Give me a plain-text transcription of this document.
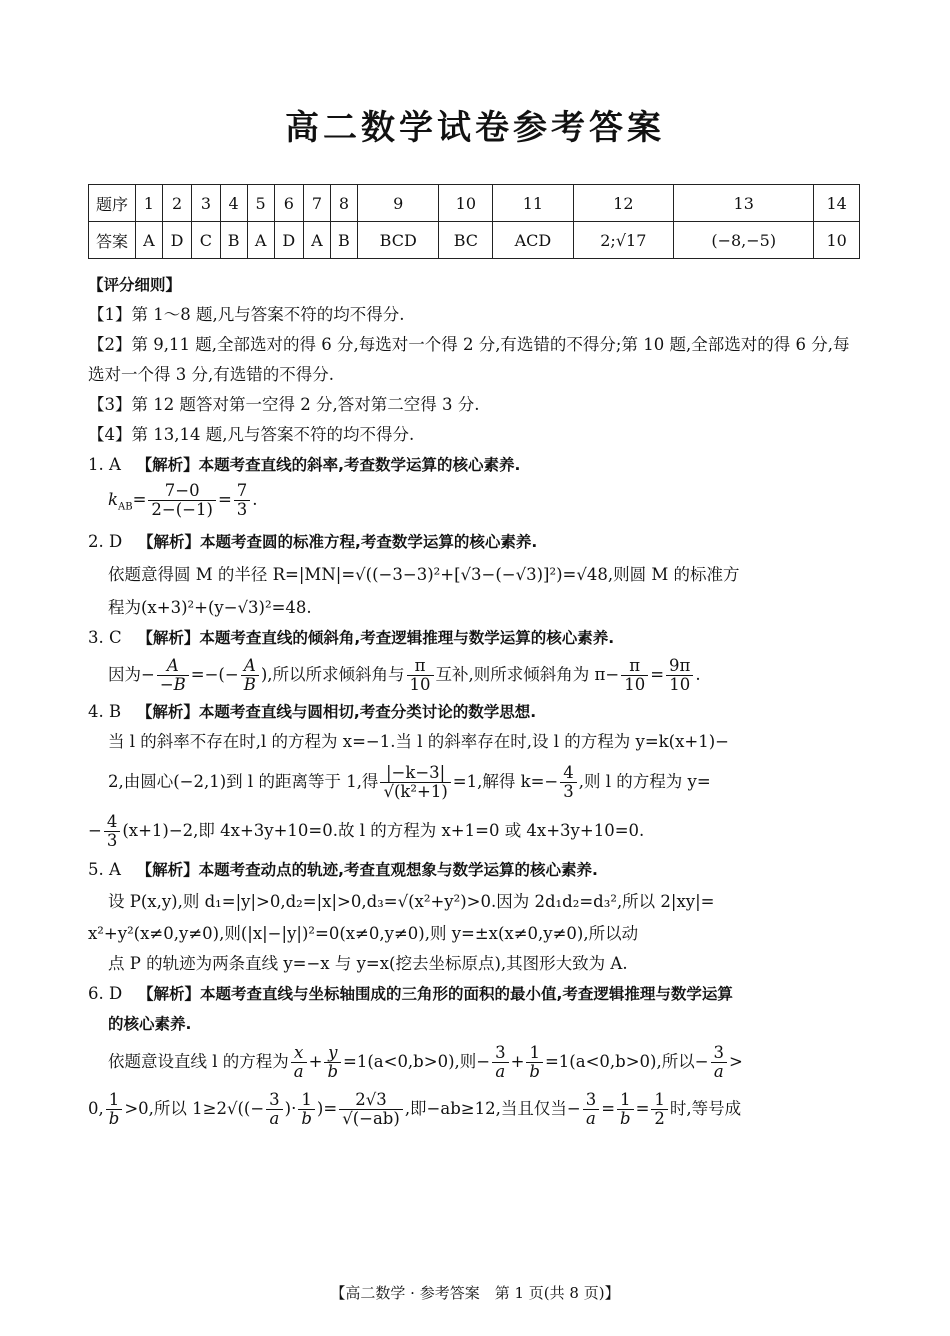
高二数学试卷参考答案
题序	1	2	3	4	5	6	7	8	9	10	11	12	13	14
答案	A	D	C	B	A	D	A	B	BCD	BC	ACD	2;√17	(−8,−5)	10
【评分细则】
【1】第 1～8 题,凡与答案不符的均不得分.
【2】第 9,11 题,全部选对的得 6 分,每选对一个得 2 分,有选错的不得分;第 10 题,全部选对的得 6 分,每选对一个得 3 分,有选错的不得分.
【3】第 12 题答对第一空得 2 分,答对第二空得 3 分.
【4】第 13,14 题,凡与答案不符的均不得分.
1. A 【解析】本题考查直线的斜率,考查数学运算的核心素养.
$k_{AB}= \frac{7-0}{2-(-1)} = \frac{7}{3}$ .
2. D 【解析】本题考查圆的标准方程,考查数学运算的核心素养.
依题意得圆 M 的半径 R=|MN|=√((−3−3)²+[√3−(−√3)]²)=√48,则圆 M 的标准方
程为(x+3)²+(y−√3)²=48.
3. C 【解析】本题考查直线的倾斜角,考查逻辑推理与数学运算的核心素养.
因为− $\frac{A}{-B}$ =−(− $\frac{A}{B}$ ),所以所求倾斜角与 $\frac{\pi}{10}$ 互补,则所求倾斜角为 $\pi- \frac{\pi}{10} = \frac{9\pi}{10}$ .
4. B 【解析】本题考查直线与圆相切,考查分类讨论的数学思想.
当 l 的斜率不存在时,l 的方程为 x=−1.当 l 的斜率存在时,设 l 的方程为 y=k(x+1)−
2,由圆心(−2,1)到 l 的距离等于 1,得 $\frac{|-k-3|}{\text{√(k²+1)}} =1$,解得 $k=- \frac{4}{3}$ ,则 l 的方程为 y=
− $\frac{4}{3} (x+1)-2$,即 4x+3y+10=0.故 l 的方程为 x+1=0 或 4x+3y+10=0.
5. A 【解析】本题考查动点的轨迹,考查直观想象与数学运算的核心素养.
设 P(x,y),则 d₁=|y|>0,d₂=|x|>0,d₃=√(x²+y²)>0.因为 2d₁d₂=d₃²,所以 2|xy|=
x²+y²(x≠0,y≠0),则(|x|−|y|)²=0(x≠0,y≠0),则 y=±x(x≠0,y≠0),所以动
点 P 的轨迹为两条直线 y=−x 与 y=x(挖去坐标原点),其图形大致为 A.
6. D 【解析】本题考查直线与坐标轴围成的三角形的面积的最小值,考查逻辑推理与数学运算
的核心素养.
依题意设直线 l 的方程为 $\frac{x}{a} + \frac{y}{b} =1(a<0,b>0)$,则− $\frac{3}{a} + \frac{1}{b} =1(a<0,b>0)$,所以− $\frac{3}{a}$ >
0, $\frac{1}{b} >0$,所以 $1\ge 2√((- \frac{3}{a}$ )· $\frac{1}{b}$ )= $\frac{2√3}{√(-ab)}$ ,即−ab≥12,当且仅当− $\frac{3}{a} = \frac{1}{b} = \frac{1}{2}$ 时,等号成
【高二数学 · 参考答案　第 1 页(共 8 页)】
